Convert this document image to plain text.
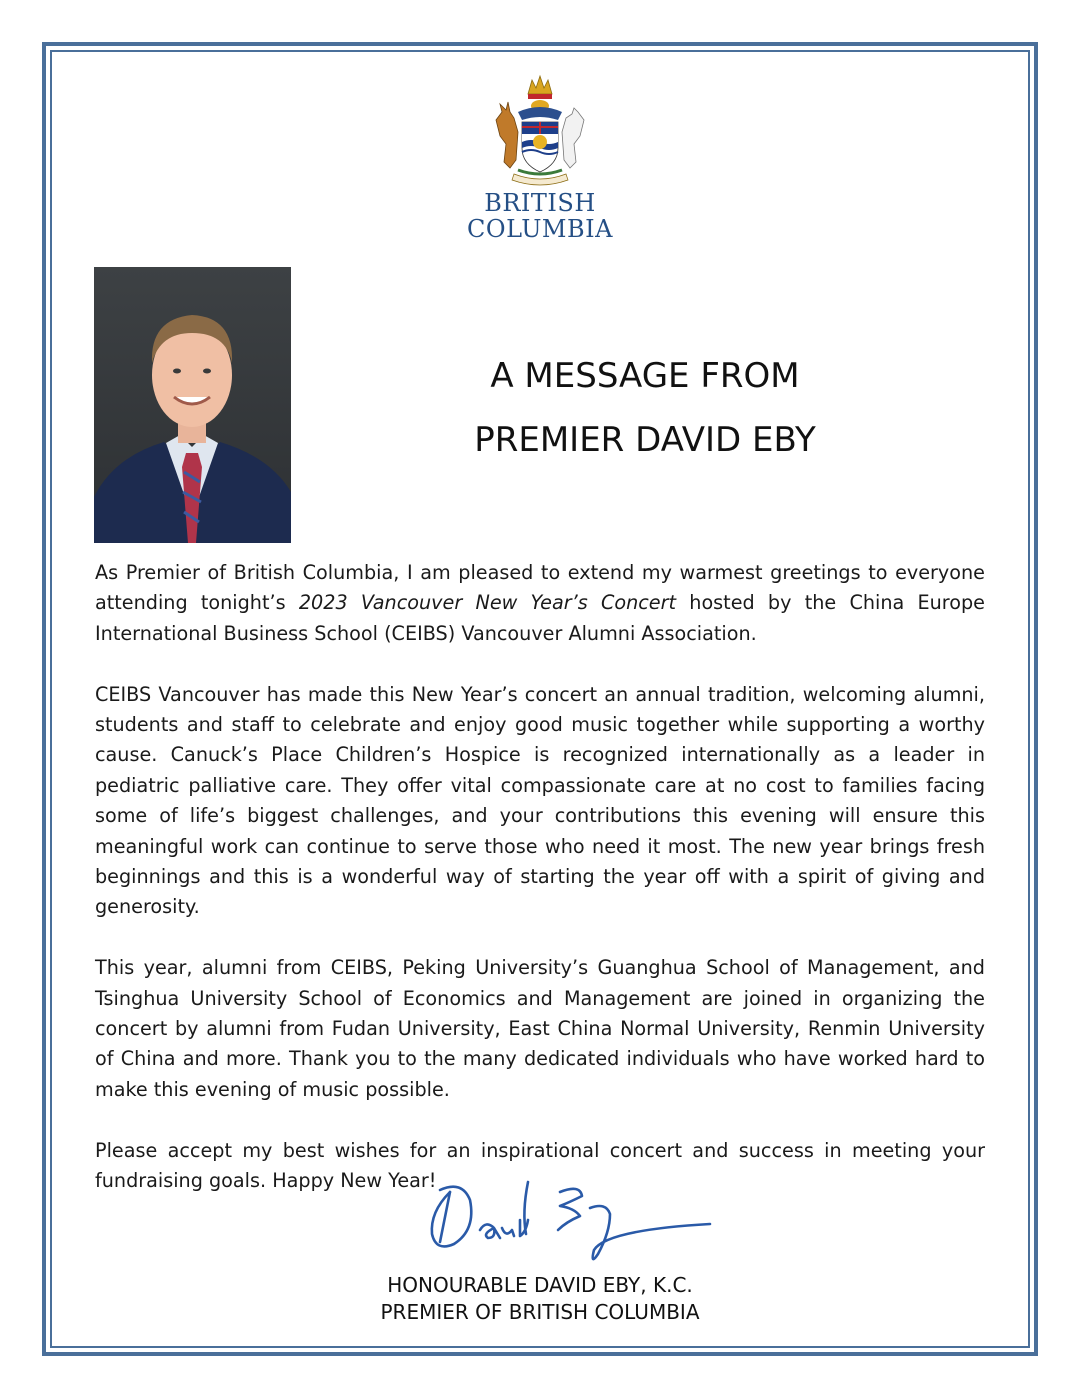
BRITISH
COLUMBIA
A MESSAGE FROM
PREMIER DAVID EBY

As Premier of British Columbia, I am pleased to extend my warmest greetings to everyone attending tonight’s 2023 Vancouver New Year’s Concert hosted by the China Europe International Business School (CEIBS) Vancouver Alumni Association.

CEIBS Vancouver has made this New Year’s concert an annual tradition, welcoming alumni, students and staff to celebrate and enjoy good music together while supporting a worthy cause. Canuck’s Place Children’s Hospice is recognized internationally as a leader in pediatric palliative care. They offer vital compassionate care at no cost to families facing some of life’s biggest challenges, and your contributions this evening will ensure this meaningful work can continue to serve those who need it most. The new year brings fresh beginnings and this is a wonderful way of starting the year off with a spirit of giving and generosity.

This year, alumni from CEIBS, Peking University’s Guanghua School of Management, and Tsinghua University School of Economics and Management are joined in organizing the concert by alumni from Fudan University, East China Normal University, Renmin University of China and more. Thank you to the many dedicated individuals who have worked hard to make this evening of music possible.

Please accept my best wishes for an inspirational concert and success in meeting your fundraising goals. Happy New Year!

HONOURABLE DAVID EBY, K.C.
PREMIER OF BRITISH COLUMBIA
